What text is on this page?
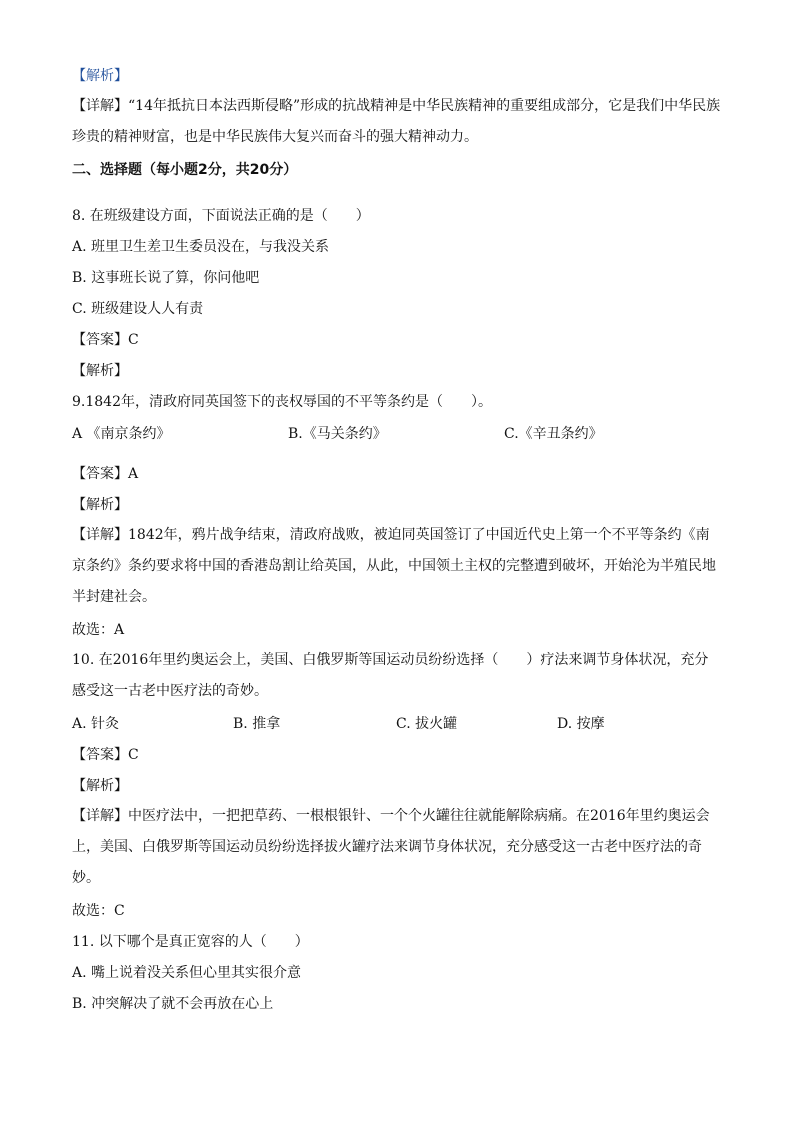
【解析】
【详解】“14年抵抗日本法西斯侵略”形成的抗战精神是中华民族精神的重要组成部分，它是我们中华民族珍贵的精神财富，也是中华民族伟大复兴而奋斗的强大精神动力。
二、选择题（每小题2分，共20分）
8. 在班级建设方面，下面说法正确的是（　　）
A. 班里卫生差卫生委员没在，与我没关系
B. 这事班长说了算，你问他吧
C. 班级建设人人有责
【答案】C
【解析】
9.1842年，清政府同英国签下的丧权辱国的不平等条约是（　　）。
A 《南京条约》	B.《马关条约》	C.《辛丑条约》
【答案】A
【解析】
【详解】1842年，鸦片战争结束，清政府战败，被迫同英国签订了中国近代史上第一个不平等条约《南京条约》条约要求将中国的香港岛割让给英国，从此，中国领土主权的完整遭到破坏，开始沦为半殖民地半封建社会。
故选：A
10. 在2016年里约奥运会上，美国、白俄罗斯等国运动员纷纷选择（　　）疗法来调节身体状况，充分感受这一古老中医疗法的奇妙。
A. 针灸	B. 推拿	C. 拔火罐	D. 按摩
【答案】C
【解析】
【详解】中医疗法中，一把把草药、一根根银针、一个个火罐往往就能解除病痛。在2016年里约奥运会上，美国、白俄罗斯等国运动员纷纷选择拔火罐疗法来调节身体状况，充分感受这一古老中医疗法的奇妙。
故选：C
11. 以下哪个是真正宽容的人（　　）
A. 嘴上说着没关系但心里其实很介意
B. 冲突解决了就不会再放在心上
